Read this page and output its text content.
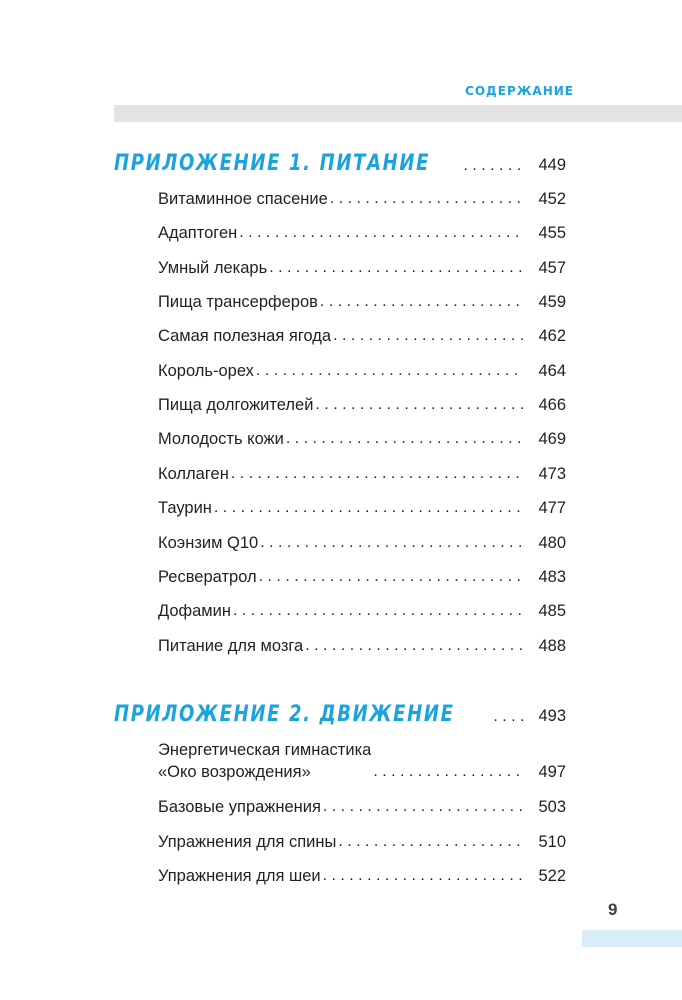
СОДЕРЖАНИЕ
ПРИЛОЖЕНИЕ 1. ПИТАНИЕ . . .	449
Витаминное спасение . . .	452
Адаптоген . . .	455
Умный лекарь . . .	457
Пища трансерферов . . .	459
Самая полезная ягода . . .	462
Король-орех . . .	464
Пища долгожителей . . .	466
Молодость кожи . . .	469
Коллаген . . .	473
Таурин . . .	477
Коэнзим Q10 . . .	480
Ресвератрол . . .	483
Дофамин . . .	485
Питание для мозга . . .	488
ПРИЛОЖЕНИЕ 2. ДВИЖЕНИЕ . . .	493
Энергетическая гимнастика
«Око возрождения» . . .	497
Базовые упражнения . . .	503
Упражнения для спины . . .	510
Упражнения для шеи . . .	522
9
